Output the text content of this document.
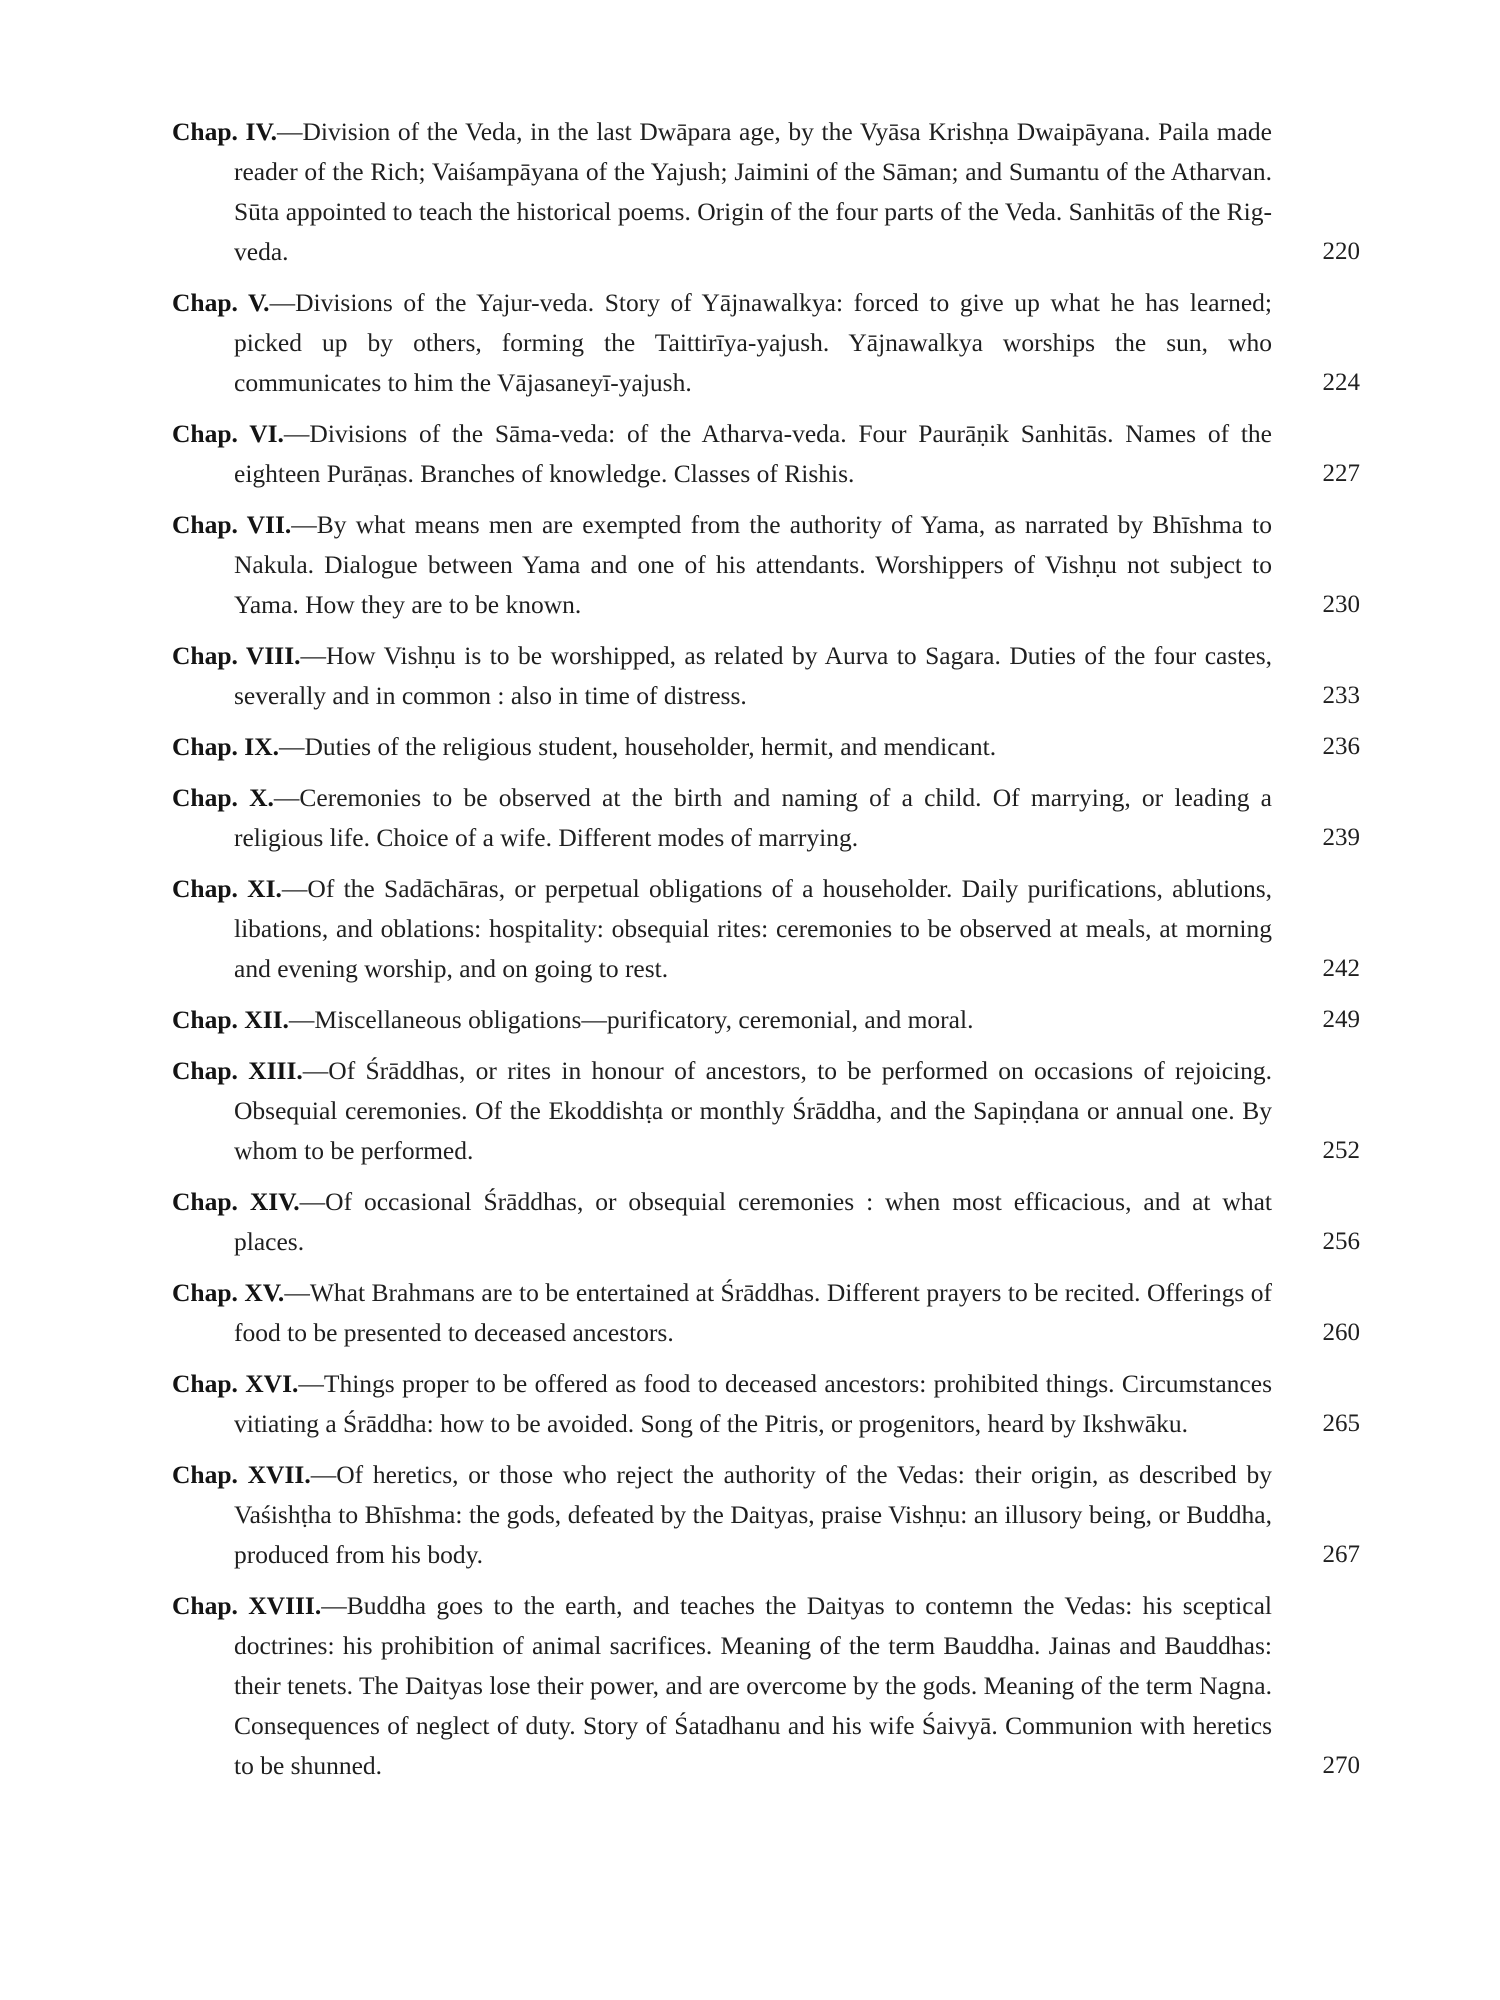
Chap. IV.—Division of the Veda, in the last Dwāpara age, by the Vyāsa Krishṇa Dwaipāyana. Paila made reader of the Rich; Vaiśampāyana of the Yajush; Jaimini of the Sāman; and Sumantu of the Atharvan. Sūta appointed to teach the historical poems. Origin of the four parts of the Veda. Sanhitās of the Rig-veda.	220
Chap. V.—Divisions of the Yajur-veda. Story of Yājnawalkya: forced to give up what he has learned; picked up by others, forming the Taittirīya-yajush. Yājnawalkya worships the sun, who communicates to him the Vājasaneyī-yajush.	224
Chap. VI.—Divisions of the Sāma-veda: of the Atharva-veda. Four Paurāṇik Sanhitās. Names of the eighteen Purāṇas. Branches of knowledge. Classes of Rishis.	227
Chap. VII.—By what means men are exempted from the authority of Yama, as narrated by Bhīshma to Nakula. Dialogue between Yama and one of his attendants. Worshippers of Vishṇu not subject to Yama. How they are to be known.	230
Chap. VIII.—How Vishṇu is to be worshipped, as related by Aurva to Sagara. Duties of the four castes, severally and in common : also in time of distress.	233
Chap. IX.—Duties of the religious student, householder, hermit, and mendicant.	236
Chap. X.—Ceremonies to be observed at the birth and naming of a child. Of marrying, or leading a religious life. Choice of a wife. Different modes of marrying.	239
Chap. XI.—Of the Sadāchāras, or perpetual obligations of a householder. Daily purifications, ablutions, libations, and oblations: hospitality: obsequial rites: ceremonies to be observed at meals, at morning and evening worship, and on going to rest.	242
Chap. XII.—Miscellaneous obligations—purificatory, ceremonial, and moral.	249
Chap. XIII.—Of Śrāddhas, or rites in honour of ancestors, to be performed on occasions of rejoicing. Obsequial ceremonies. Of the Ekoddishṭa or monthly Śrāddha, and the Sapiṇḍana or annual one. By whom to be performed.	252
Chap. XIV.—Of occasional Śrāddhas, or obsequial ceremonies : when most efficacious, and at what places.	256
Chap. XV.—What Brahmans are to be entertained at Śrāddhas. Different prayers to be recited. Offerings of food to be presented to deceased ancestors.	260
Chap. XVI.—Things proper to be offered as food to deceased ancestors: prohibited things. Circumstances vitiating a Śrāddha: how to be avoided. Song of the Pitris, or progenitors, heard by Ikshwāku.	265
Chap. XVII.—Of heretics, or those who reject the authority of the Vedas: their origin, as described by Vaśishṭha to Bhīshma: the gods, defeated by the Daityas, praise Vishṇu: an illusory being, or Buddha, produced from his body.	267
Chap. XVIII.—Buddha goes to the earth, and teaches the Daityas to contemn the Vedas: his sceptical doctrines: his prohibition of animal sacrifices. Meaning of the term Bauddha. Jainas and Bauddhas: their tenets. The Daityas lose their power, and are overcome by the gods. Meaning of the term Nagna. Consequences of neglect of duty. Story of Śatadhanu and his wife Śaivyā. Communion with heretics to be shunned.	270
